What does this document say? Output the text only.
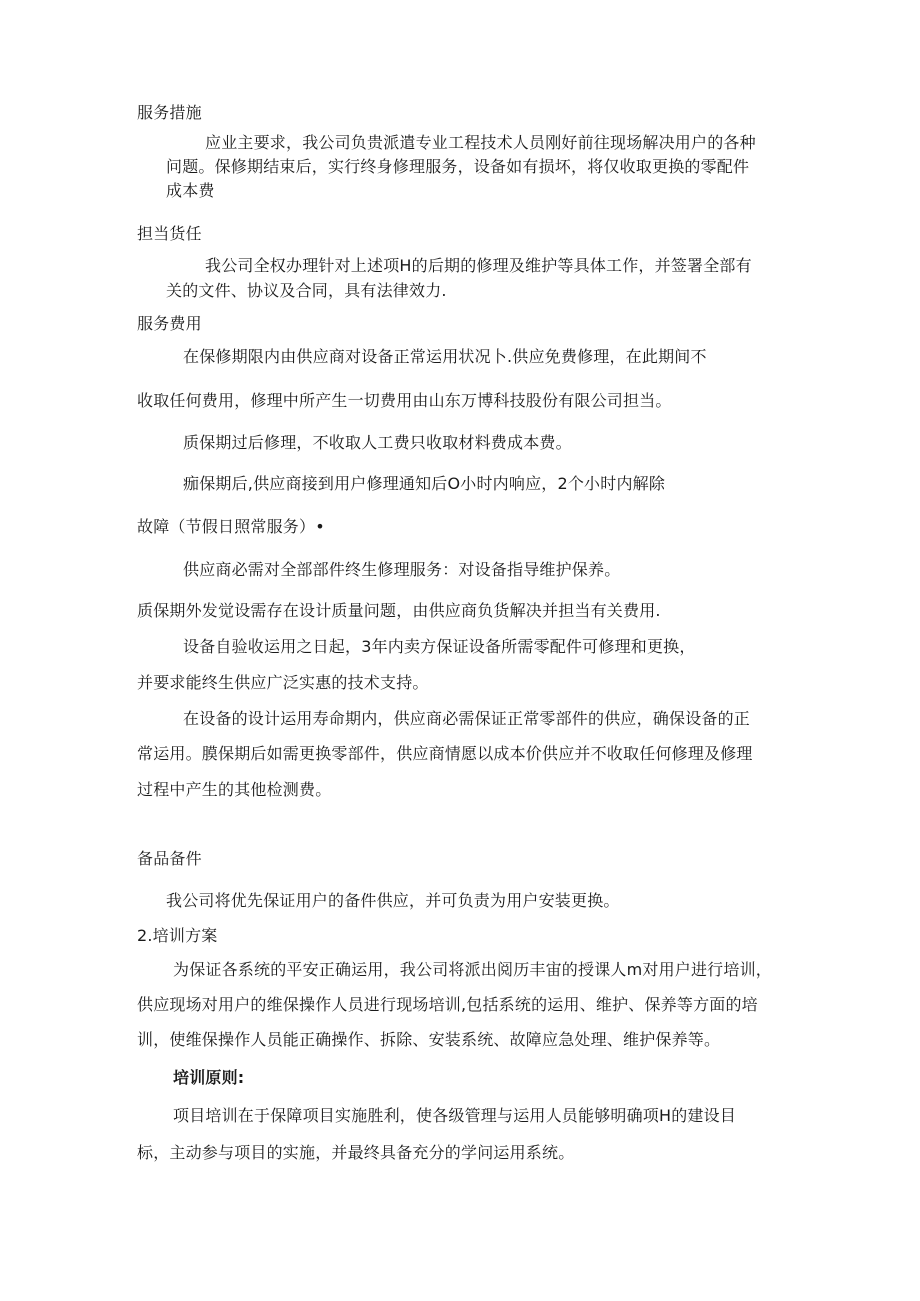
服务措施
应业主要求，我公司负贵派遣专业工程技术人员刚好前往现场解决用户的各种
问题。保修期结束后，实行终身修理服务，设备如有损坏，将仅收取更换的零配件
成本费
担当货任
我公司全权办理针对上述项H的后期的修理及维护等具体工作，并签署全部有
关的文件、协议及合同，具有法律效力.
服务费用
在保修期限内由供应商对设备正常运用状况卜.供应免费修理，在此期间不
收取任何费用，修理中所产生一切费用由山东万博科技股份有限公司担当。
质保期过后修理，不收取人工费只收取材料费成本费。
痂保期后,供应商接到用户修理通知后O小时内响应，2个小时内解除
故障（节假日照常服务）•
供应商必需对全部部件终生修理服务：对设备指导维护保养。
质保期外发觉设需存在设计质量问题，由供应商负货解决并担当有关费用.
设备自验收运用之日起，3年内卖方保证设备所需零配件可修理和更换，
并要求能终生供应广泛实惠的技术支持。
在设备的设计运用寿命期内，供应商必需保证正常零部件的供应，确保设备的正
常运用。膜保期后如需更换零部件，供应商情愿以成本价供应并不收取任何修理及修理
过程中产生的其他检测费。
备品备件
我公司将优先保证用户的备件供应，并可负责为用户安装更换。
2.培训方案
为保证各系统的平安正确运用，我公司将派出阅历丰宙的授课人m对用户进行培训，
供应现场对用户的维保操作人员进行现场培训,包括系统的运用、维护、保养等方面的培
训，使维保操作人员能正确操作、拆除、安装系统、故障应急处理、维护保养等。
培训原则:
项目培训在于保障项目实施胜利，使各级管理与运用人员能够明确项H的建设目
标，主动参与项目的实施，并最终具备充分的学问运用系统。
